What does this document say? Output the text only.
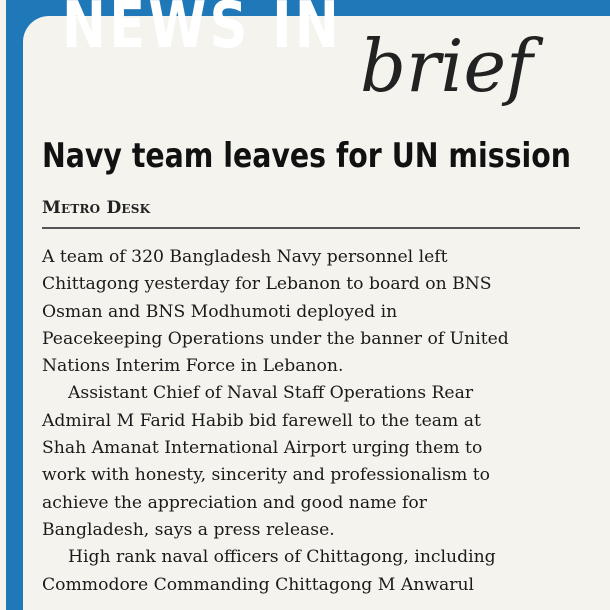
NEWS IN brief
Navy team leaves for UN mission
Metro Desk
A team of 320 Bangladesh Navy personnel left
Chittagong yesterday for Lebanon to board on BNS
Osman and BNS Modhumoti deployed in
Peacekeeping Operations under the banner of United
Nations Interim Force in Lebanon.
Assistant Chief of Naval Staff Operations Rear
Admiral M Farid Habib bid farewell to the team at
Shah Amanat International Airport urging them to
work with honesty, sincerity and professionalism to
achieve the appreciation and good name for
Bangladesh, says a press release.
High rank naval officers of Chittagong, including
Commodore Commanding Chittagong M Anwarul
